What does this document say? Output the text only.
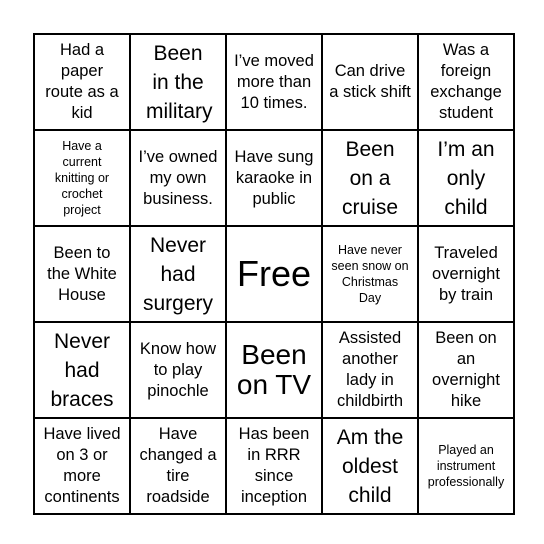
Had a paper route as a kid
Been in the military
I’ve moved more than 10 times.
Can drive a stick shift
Was a foreign exchange student
Have a current knitting or crochet project
I’ve owned my own business.
Have sung karaoke in public
Been on a cruise
I’m an only child
Been to the White House
Never had surgery
Free
Have never seen snow on Christmas Day
Traveled overnight by train
Never had braces
Know how to play pinochle
Been on TV
Assisted another lady in childbirth
Been on an overnight hike
Have lived on 3 or more continents
Have changed a tire roadside
Has been in RRR since inception
Am the oldest child
Played an instrument professionally
